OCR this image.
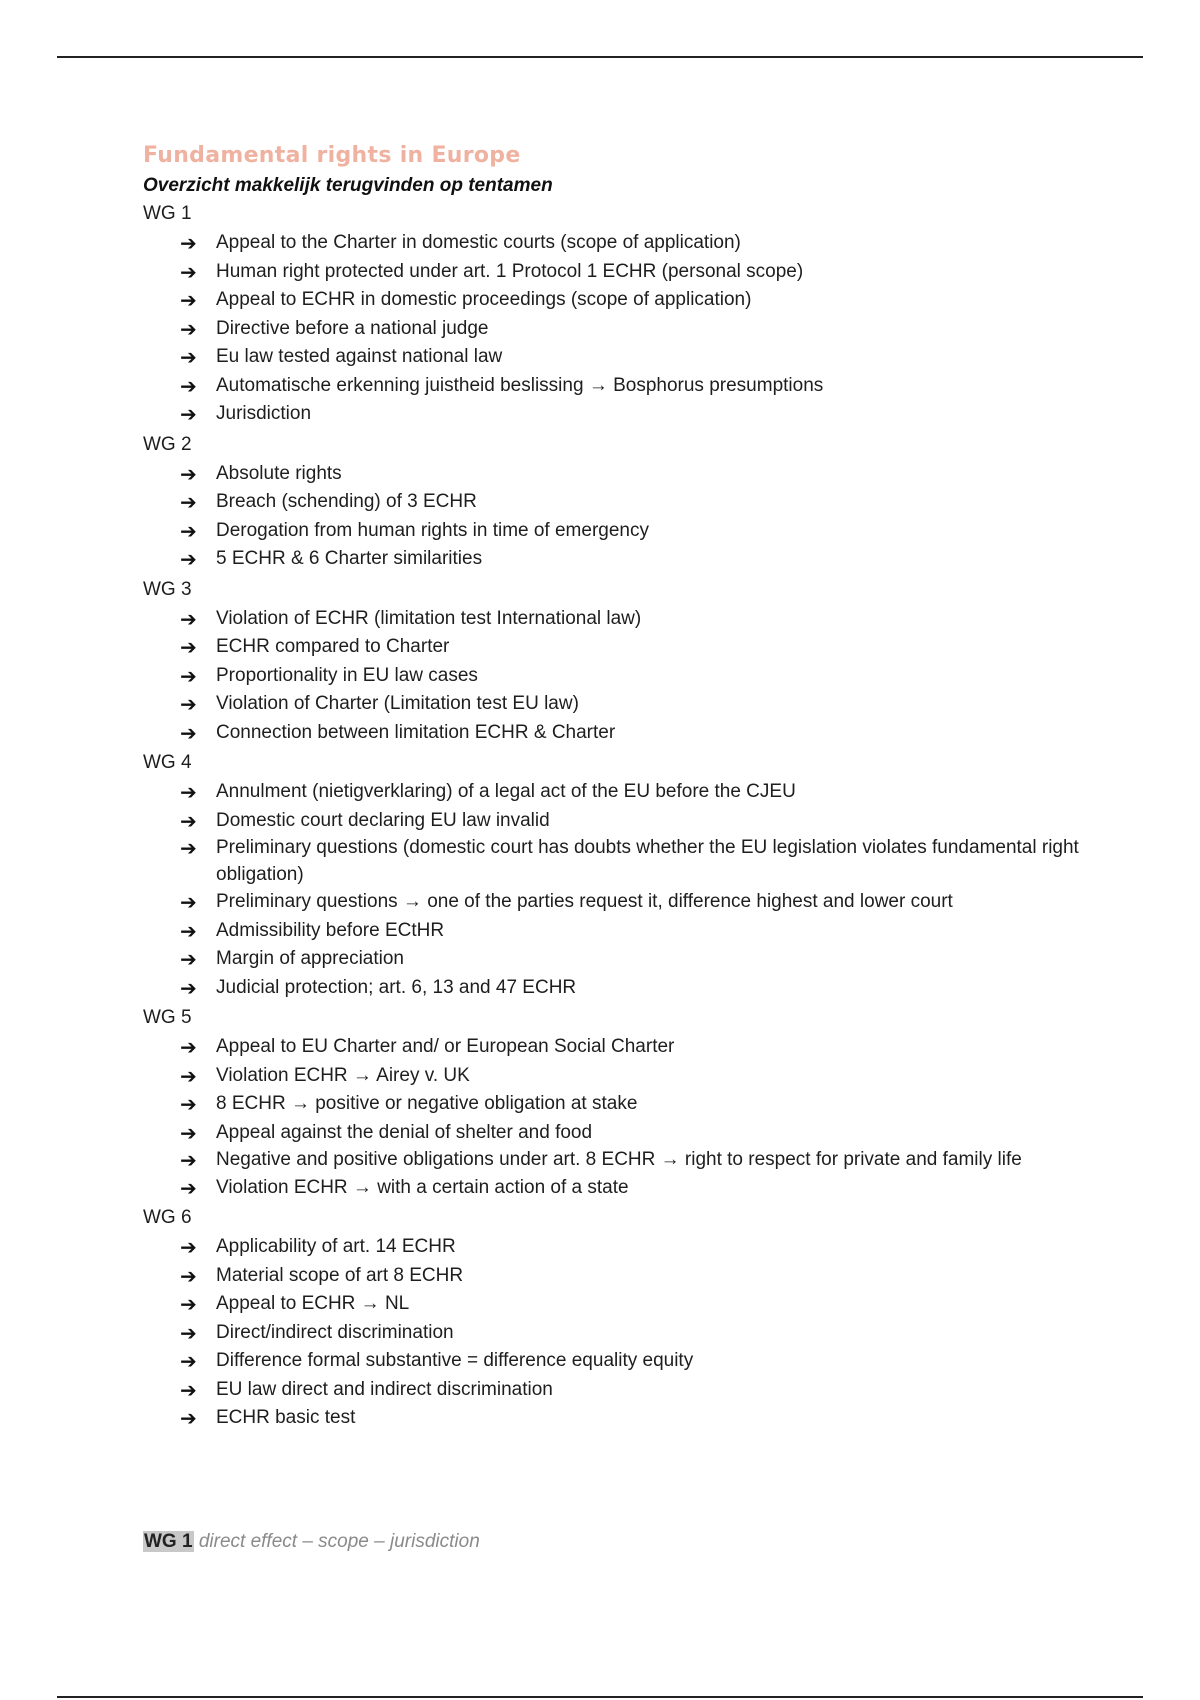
Fundamental rights in Europe
Overzicht makkelijk terugvinden op tentamen
WG 1
➔ Appeal to the Charter in domestic courts (scope of application)
➔ Human right protected under art. 1 Protocol 1 ECHR (personal scope)
➔ Appeal to ECHR in domestic proceedings (scope of application)
➔ Directive before a national judge
➔ Eu law tested against national law
➔ Automatische erkenning juistheid beslissing → Bosphorus presumptions
➔ Jurisdiction
WG 2
➔ Absolute rights
➔ Breach (schending) of 3 ECHR
➔ Derogation from human rights in time of emergency
➔ 5 ECHR & 6 Charter similarities
WG 3
➔ Violation of ECHR (limitation test International law)
➔ ECHR compared to Charter
➔ Proportionality in EU law cases
➔ Violation of Charter (Limitation test EU law)
➔ Connection between limitation ECHR & Charter
WG 4
➔ Annulment (nietigverklaring) of a legal act of the EU before the CJEU
➔ Domestic court declaring EU law invalid
➔ Preliminary questions (domestic court has doubts whether the EU legislation violates fundamental right obligation)
➔ Preliminary questions → one of the parties request it, difference highest and lower court
➔ Admissibility before ECtHR
➔ Margin of appreciation
➔ Judicial protection; art. 6, 13 and 47 ECHR
WG 5
➔ Appeal to EU Charter and/ or European Social Charter
➔ Violation ECHR → Airey v. UK
➔ 8 ECHR → positive or negative obligation at stake
➔ Appeal against the denial of shelter and food
➔ Negative and positive obligations under art. 8 ECHR → right to respect for private and family life
➔ Violation ECHR → with a certain action of a state
WG 6
➔ Applicability of art. 14 ECHR
➔ Material scope of art 8 ECHR
➔ Appeal to ECHR → NL
➔ Direct/indirect discrimination
➔ Difference formal substantive = difference equality equity
➔ EU law direct and indirect discrimination
➔ ECHR basic test
WG 1 direct effect – scope – jurisdiction
